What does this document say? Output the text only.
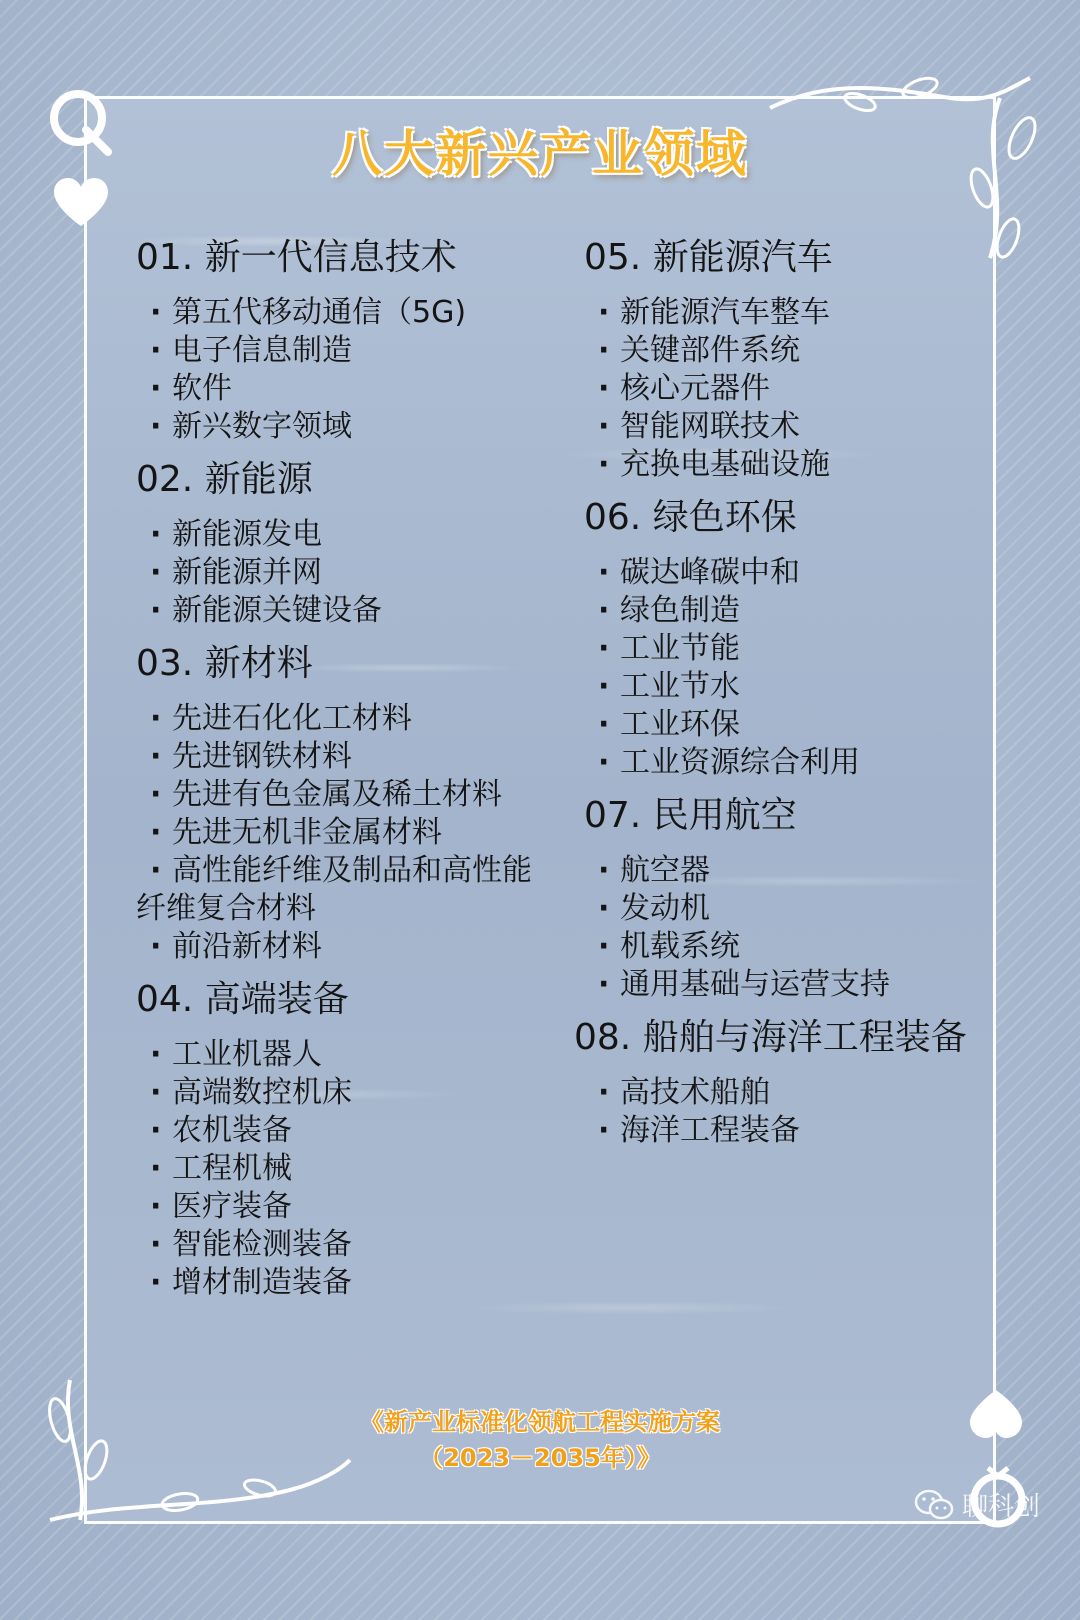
八大新兴产业领域
01. 新一代信息技术
· 第五代移动通信（5G)
· 电子信息制造
· 软件
· 新兴数字领域
02. 新能源
· 新能源发电
· 新能源并网
· 新能源关键设备
03. 新材料
· 先进石化化工材料
· 先进钢铁材料
· 先进有色金属及稀土材料
· 先进无机非金属材料
· 高性能纤维及制品和高性能
纤维复合材料
· 前沿新材料
04. 高端装备
· 工业机器人
· 高端数控机床
· 农机装备
· 工程机械
· 医疗装备
· 智能检测装备
· 增材制造装备
05. 新能源汽车
· 新能源汽车整车
· 关键部件系统
· 核心元器件
· 智能网联技术
· 充换电基础设施
06. 绿色环保
· 碳达峰碳中和
· 绿色制造
· 工业节能
· 工业节水
· 工业环保
· 工业资源综合利用
07. 民用航空
· 航空器
· 发动机
· 机载系统
· 通用基础与运营支持
08. 船舶与海洋工程装备
· 高技术船舶
· 海洋工程装备
《新产业标准化领航工程实施方案
（2023－2035年）》
聊科创
